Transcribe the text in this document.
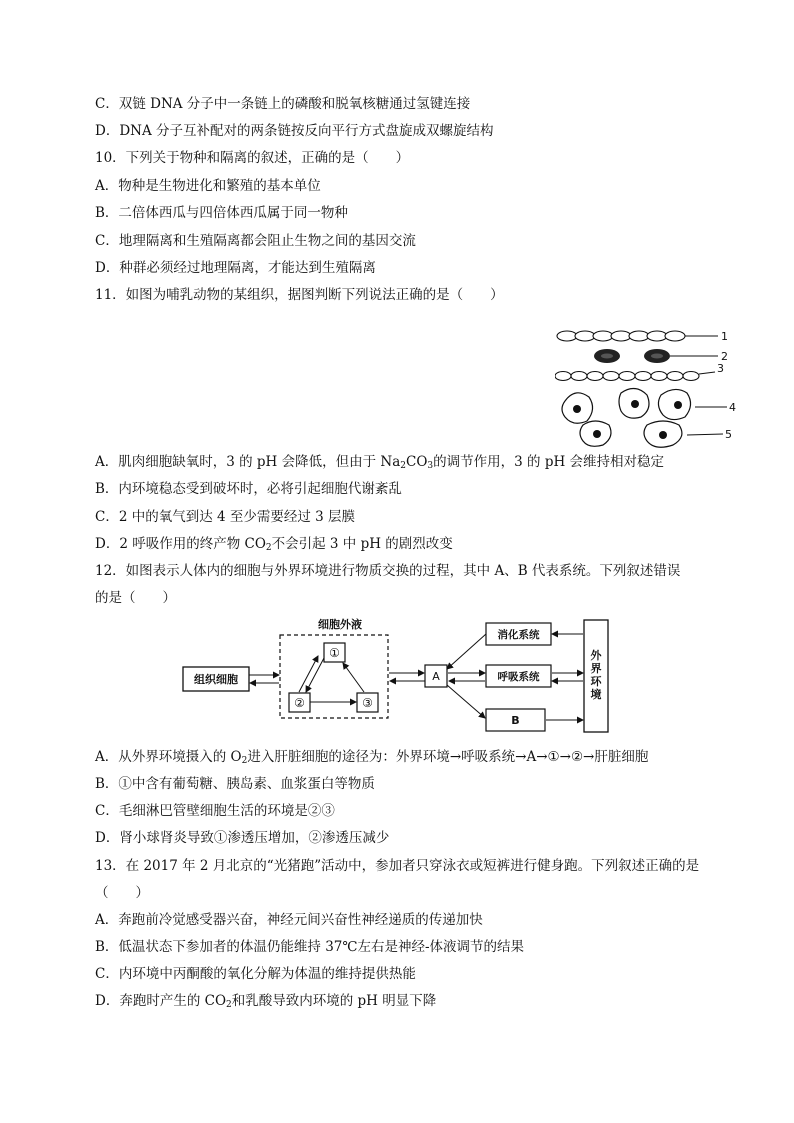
C．双链 DNA 分子中一条链上的磷酸和脱氧核糖通过氢键连接
D．DNA 分子互补配对的两条链按反向平行方式盘旋成双螺旋结构
10．下列关于物种和隔离的叙述，正确的是（　　）
A．物种是生物进化和繁殖的基本单位
B．二倍体西瓜与四倍体西瓜属于同一物种
C．地理隔离和生殖隔离都会阻止生物之间的基因交流
D．种群必须经过地理隔离，才能达到生殖隔离
11．如图为哺乳动物的某组织，据图判断下列说法正确的是（　　）
1
2
3
4
5
A．肌肉细胞缺氧时，3 的 pH 会降低，但由于 $Na_2CO_3$的调节作用，3 的 pH 会维持相对稳定
B．内环境稳态受到破坏时，必将引起细胞代谢紊乱
C．2 中的氧气到达 4 至少需要经过 3 层膜
D．2 呼吸作用的终产物 $CO_2$不会引起 3 中 pH 的剧烈改变
12．如图表示人体内的细胞与外界环境进行物质交换的过程，其中 A、B 代表系统。下列叙述错误
的是（　　）
细胞外液
组织细胞
①
②	③
A
消化系统
呼吸系统
B
外
界
环
境
A．从外界环境摄入的 $O_2$进入肝脏细胞的途径为：外界环境→呼吸系统→A→①→②→肝脏细胞
B．①中含有葡萄糖、胰岛素、血浆蛋白等物质
C．毛细淋巴管壁细胞生活的环境是②③
D．肾小球肾炎导致①渗透压增加，②渗透压减少
13．在 2017 年 2 月北京的“光猪跑”活动中，参加者只穿泳衣或短裤进行健身跑。下列叙述正确的是
（　　）
A．奔跑前冷觉感受器兴奋，神经元间兴奋性神经递质的传递加快
B．低温状态下参加者的体温仍能维持 37℃左右是神经-体液调节的结果
C．内环境中丙酮酸的氧化分解为体温的维持提供热能
D．奔跑时产生的 $CO_2$和乳酸导致内环境的 pH 明显下降
